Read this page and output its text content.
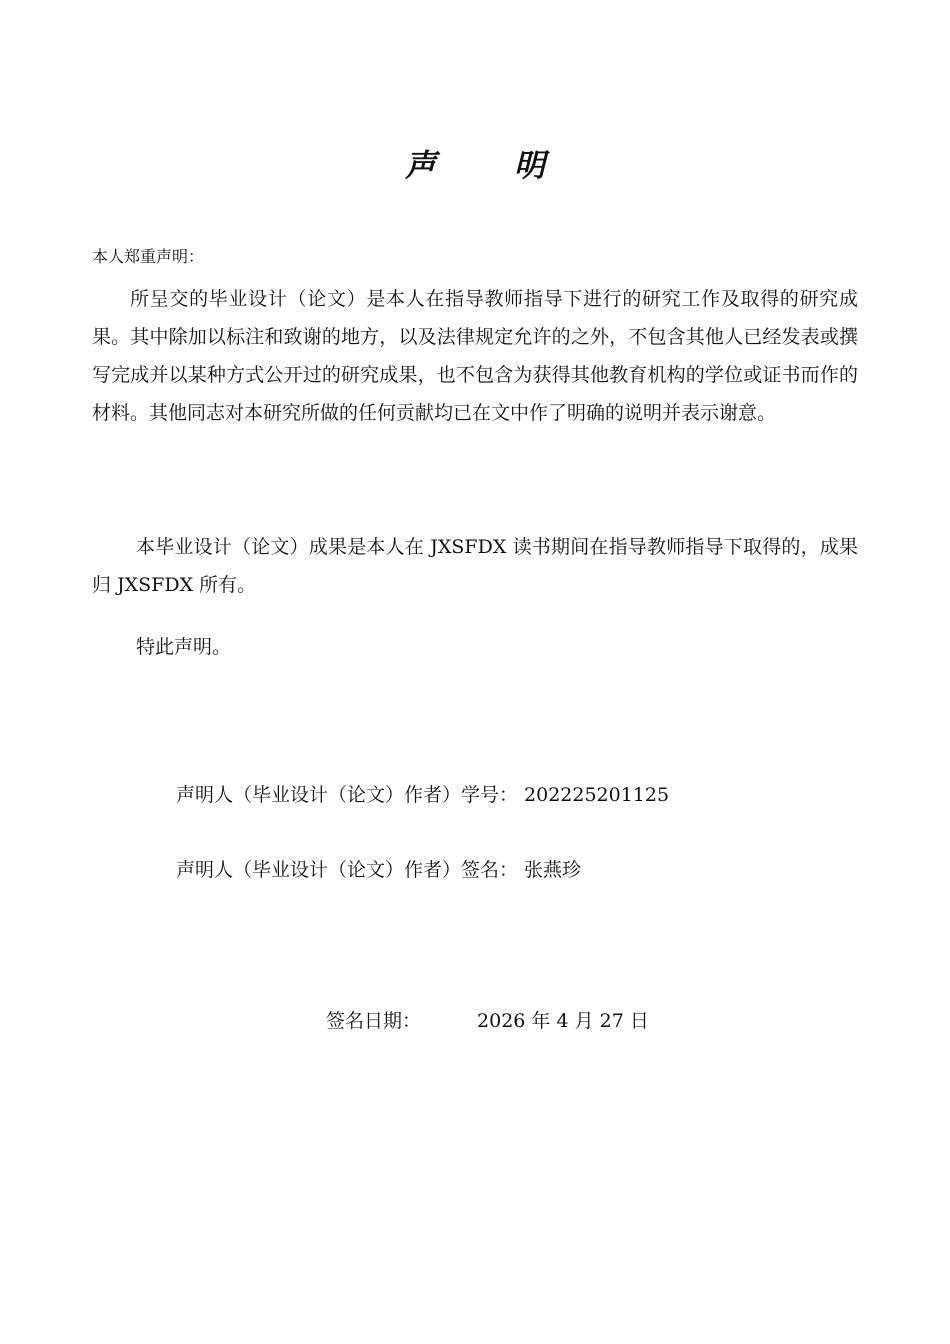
声明
本人郑重声明：

所呈交的毕业设计（论文）是本人在指导教师指导下进行的研究工作及取得的研究成果。其中除加以标注和致谢的地方，以及法律规定允许的之外，不包含其他人已经发表或撰写完成并以某种方式公开过的研究成果，也不包含为获得其他教育机构的学位或证书而作的材料。其他同志对本研究所做的任何贡献均已在文中作了明确的说明并表示谢意。

本毕业设计（论文）成果是本人在 JXSFDX 读书期间在指导教师指导下取得的，成果归 JXSFDX 所有。

特此声明。
声明人（毕业设计（论文）作者）学号： 202225201125
声明人（毕业设计（论文）作者）签名： 张燕珍
签名日期：	2026 年 4 月 27 日
